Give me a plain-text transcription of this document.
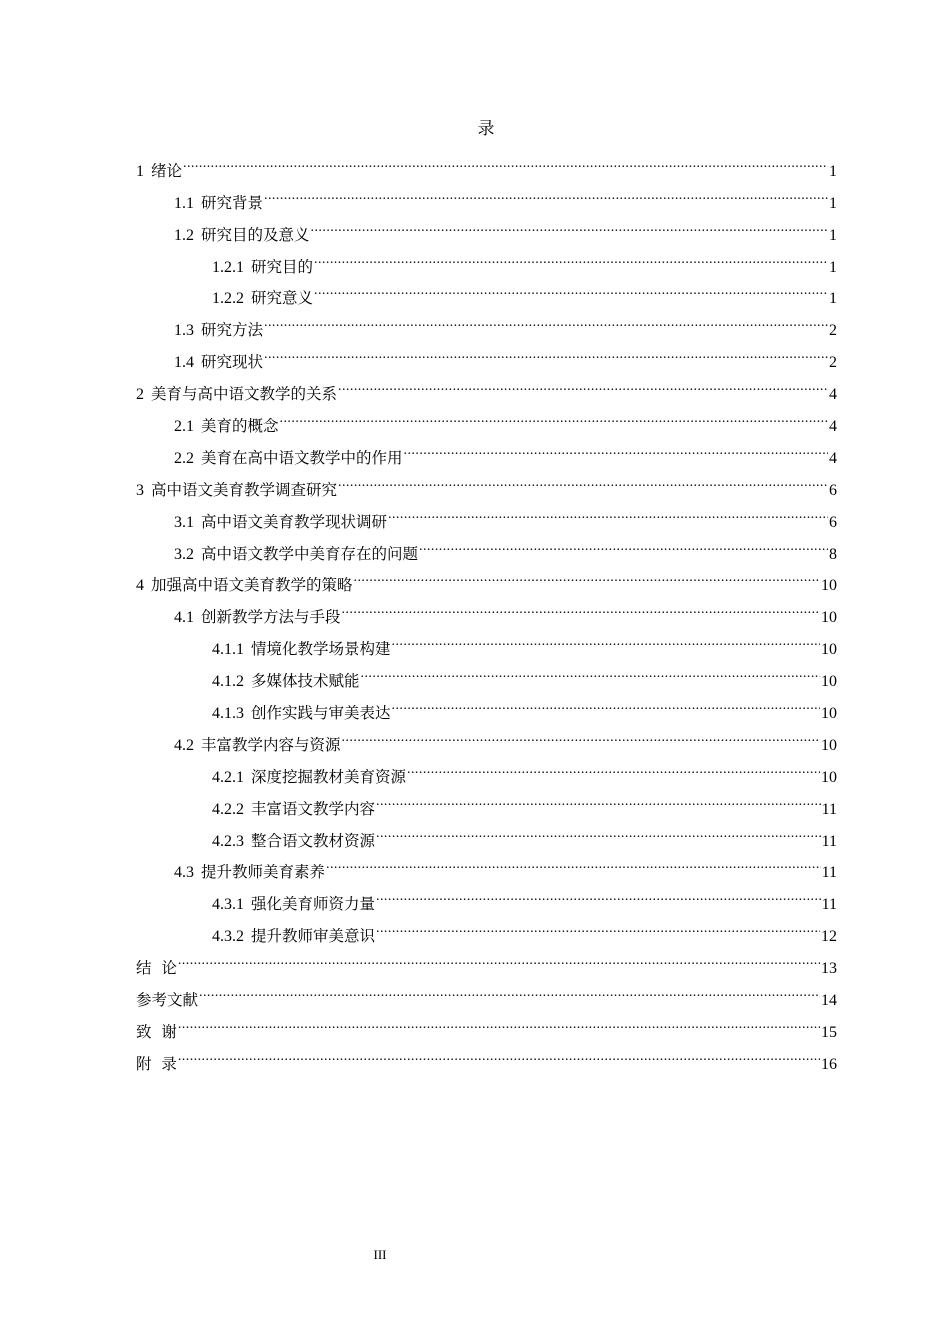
录
1 绪论 .....	1
1.1 研究背景 .....	1
1.2 研究目的及意义 .....	1
1.2.1 研究目的 .....	1
1.2.2 研究意义 .....	1
1.3 研究方法 .....	2
1.4 研究现状 .....	2
2 美育与高中语文教学的关系 .....	4
2.1 美育的概念 .....	4
2.2 美育在高中语文教学中的作用 .....	4
3 高中语文美育教学调查研究 .....	6
3.1 高中语文美育教学现状调研 .....	6
3.2 高中语文教学中美育存在的问题 .....	8
4 加强高中语文美育教学的策略 .....	10
4.1 创新教学方法与手段 .....	10
4.1.1 情境化教学场景构建 .....	10
4.1.2 多媒体技术赋能 .....	10
4.1.3 创作实践与审美表达 .....	10
4.2 丰富教学内容与资源 .....	10
4.2.1 深度挖掘教材美育资源 .....	10
4.2.2 丰富语文教学内容 .....	11
4.2.3 整合语文教材资源 .....	11
4.3 提升教师美育素养 .....	11
4.3.1 强化美育师资力量 .....	11
4.3.2 提升教师审美意识 .....	12
结  论 .....	13
参考文献 .....	14
致  谢 .....	15
附  录 .....	16
III
